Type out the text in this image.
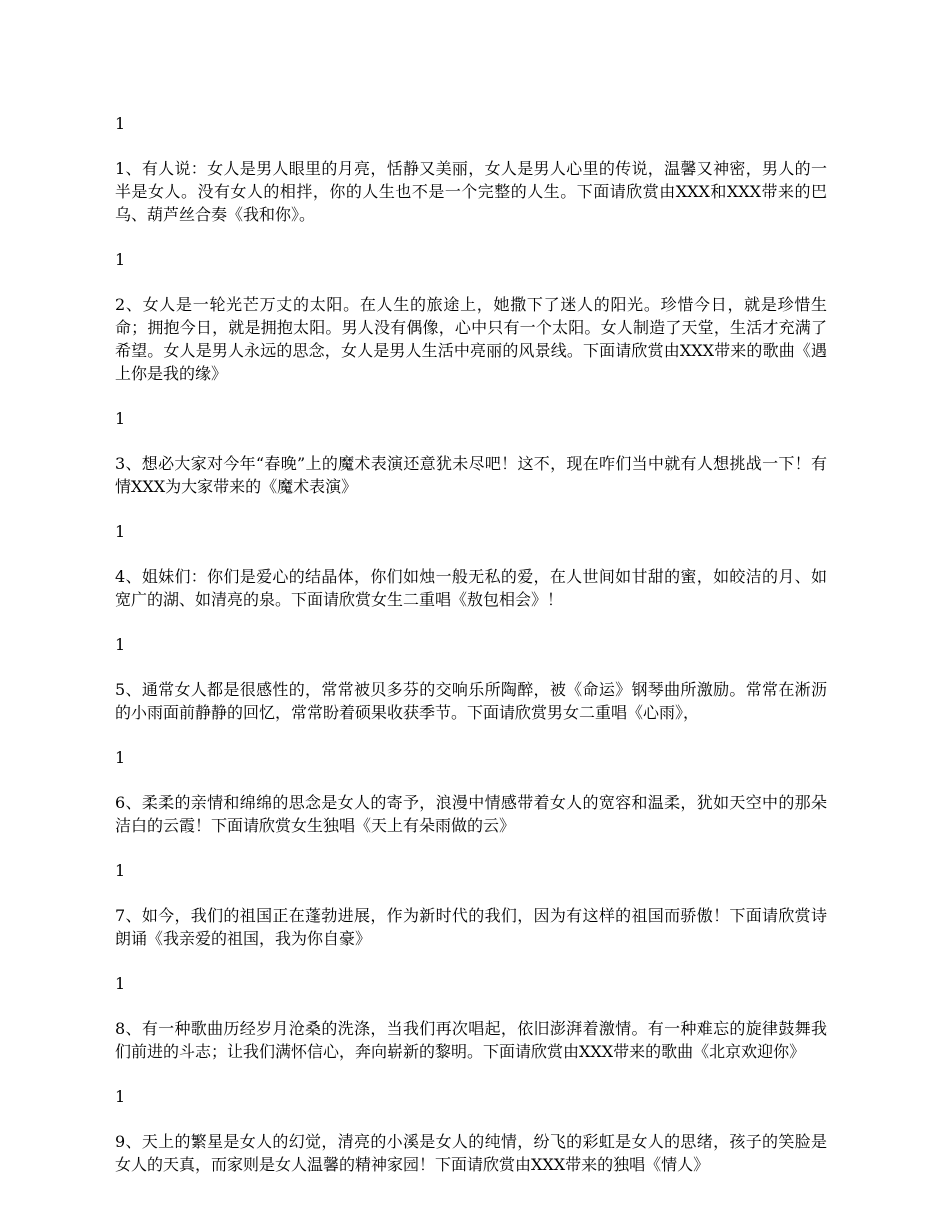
1

1、有人说：女人是男人眼里的月亮，恬静又美丽，女人是男人心里的传说，温馨又神密，男人的一半是女人。没有女人的相拌，你的人生也不是一个完整的人生。下面请欣赏由XXX和XXX带来的巴乌、葫芦丝合奏《我和你》。

1

2、女人是一轮光芒万丈的太阳。在人生的旅途上，她撒下了迷人的阳光。珍惜今日，就是珍惜生命；拥抱今日，就是拥抱太阳。男人没有偶像，心中只有一个太阳。女人制造了天堂，生活才充满了希望。女人是男人永远的思念，女人是男人生活中亮丽的风景线。下面请欣赏由XXX带来的歌曲《遇上你是我的缘》

1

3、想必大家对今年“春晚”上的魔术表演还意犹未尽吧！这不，现在咋们当中就有人想挑战一下！有情XXX为大家带来的《魔术表演》

1

4、姐妹们：你们是爱心的结晶体，你们如烛一般无私的爱，在人世间如甘甜的蜜，如皎洁的月、如宽广的湖、如清亮的泉。下面请欣赏女生二重唱《敖包相会》！

1

5、通常女人都是很感性的，常常被贝多芬的交响乐所陶醉，被《命运》钢琴曲所激励。常常在淅沥的小雨面前静静的回忆，常常盼着硕果收获季节。下面请欣赏男女二重唱《心雨》，

1

6、柔柔的亲情和绵绵的思念是女人的寄予，浪漫中情感带着女人的宽容和温柔，犹如天空中的那朵洁白的云霞！下面请欣赏女生独唱《天上有朵雨做的云》

1

7、如今，我们的祖国正在蓬勃进展，作为新时代的我们，因为有这样的祖国而骄傲！下面请欣赏诗朗诵《我亲爱的祖国，我为你自豪》

1

8、有一种歌曲历经岁月沧桑的洗涤，当我们再次唱起，依旧澎湃着激情。有一种难忘的旋律鼓舞我们前进的斗志；让我们满怀信心，奔向崭新的黎明。下面请欣赏由XXX带来的歌曲《北京欢迎你》

1

9、天上的繁星是女人的幻觉，清亮的小溪是女人的纯情，纷飞的彩虹是女人的思绪，孩子的笑脸是女人的天真，而家则是女人温馨的精神家园！下面请欣赏由XXX带来的独唱《情人》
